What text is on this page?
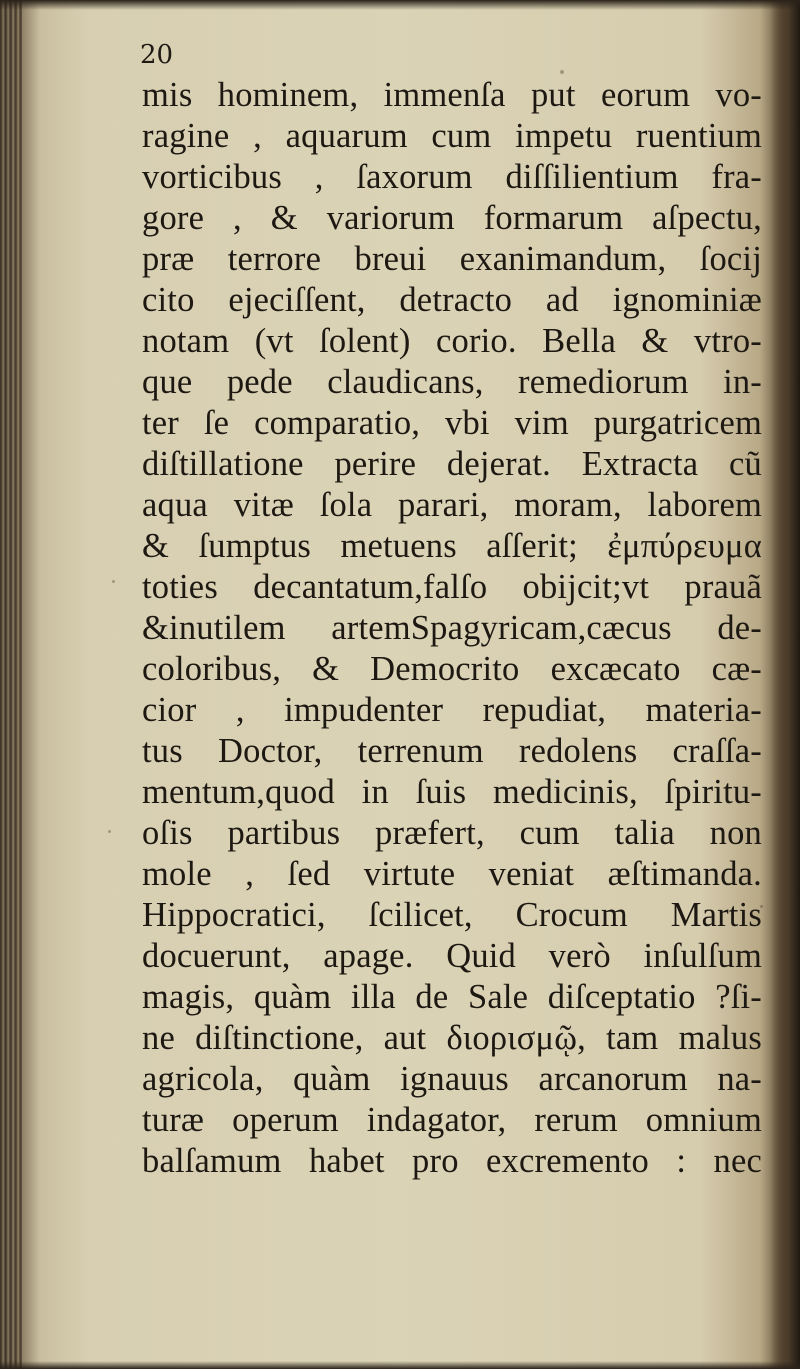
20
mis hominem, immenſa put eorum vo-
ragine , aquarum cum impetu ruentium
vorticibus , ſaxorum diſſilientium fra-
gore , & variorum formarum aſpectu,
præ terrore breui exanimandum, ſocij
cito ejeciſſent, detracto ad ignominiæ
notam (vt ſolent) corio. Bella & vtro-
que pede claudicans, remediorum in-
ter ſe comparatio, vbi vim purgatricem
diſtillatione perire dejerat. Extracta cũ
aqua vitæ ſola parari, moram, laborem
& ſumptus metuens aſſerit; ἐμπύρευμα
toties decantatum,falſo obijcit;vt prauã
&inutilem artemSpagyricam,cæcus de-
coloribus, & Democrito excæcato cæ-
cior , impudenter repudiat, materia-
tus Doctor, terrenum redolens craſſa-
mentum,quod in ſuis medicinis, ſpiritu-
oſis partibus præfert, cum talia non
mole , ſed virtute veniat æſtimanda.
Hippocratici, ſcilicet, Crocum Martis
docuerunt, apage. Quid verò inſulſum
magis, quàm illa de Sale diſceptatio ?ſi-
ne diſtinctione, aut διορισμῷ, tam malus
agricola, quàm ignauus arcanorum na-
turæ operum indagator, rerum omnium
balſamum habet pro excremento : nec
